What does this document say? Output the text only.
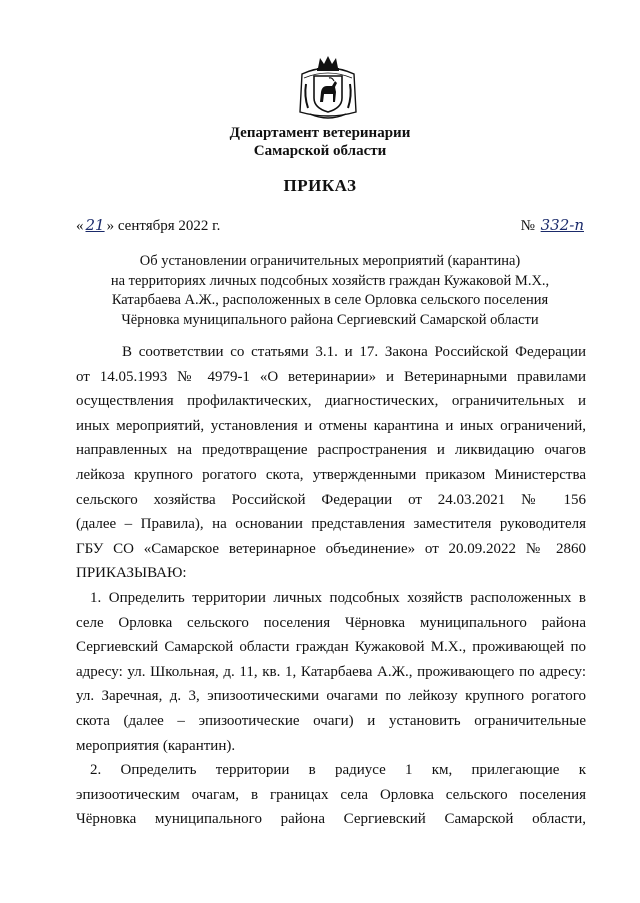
Департамент ветеринарии
Самарской области
ПРИКАЗ
« 21 » сентября 2022 г.	№ 332-п
Об установлении ограничительных мероприятий (карантина)
на территориях личных подсобных хозяйств граждан Кужаковой М.Х.,
Катарбаева А.Ж., расположенных в селе Орловка сельского поселения
Чёрновка муниципального района Сергиевский Самарской области
В соответствии со статьями 3.1. и 17. Закона Российской Федерации
от 14.05.1993 № 4979-1 «О ветеринарии» и Ветеринарными правилами
осуществления профилактических, диагностических, ограничительных и
иных мероприятий, установления и отмены карантина и иных ограничений,
направленных на предотвращение распространения и ликвидацию очагов
лейкоза крупного рогатого скота, утвержденными приказом Министерства
сельского хозяйства Российской Федерации от 24.03.2021 № 156
(далее – Правила), на основании представления заместителя руководителя
ГБУ СО «Самарское ветеринарное объединение» от 20.09.2022 № 2860
ПРИКАЗЫВАЮ:
1. Определить территории личных подсобных хозяйств расположенных в
селе Орловка сельского поселения Чёрновка муниципального района
Сергиевский Самарской области граждан Кужаковой М.Х., проживающей по
адресу: ул. Школьная, д. 11, кв. 1, Катарбаева А.Ж., проживающего по адресу:
ул. Заречная, д. 3, эпизоотическими очагами по лейкозу крупного рогатого
скота (далее – эпизоотические очаги) и установить ограничительные
мероприятия (карантин).
2. Определить территории в радиусе 1 км, прилегающие к
эпизоотическим очагам, в границах села Орловка сельского поселения
Чёрновка муниципального района Сергиевский Самарской области,
